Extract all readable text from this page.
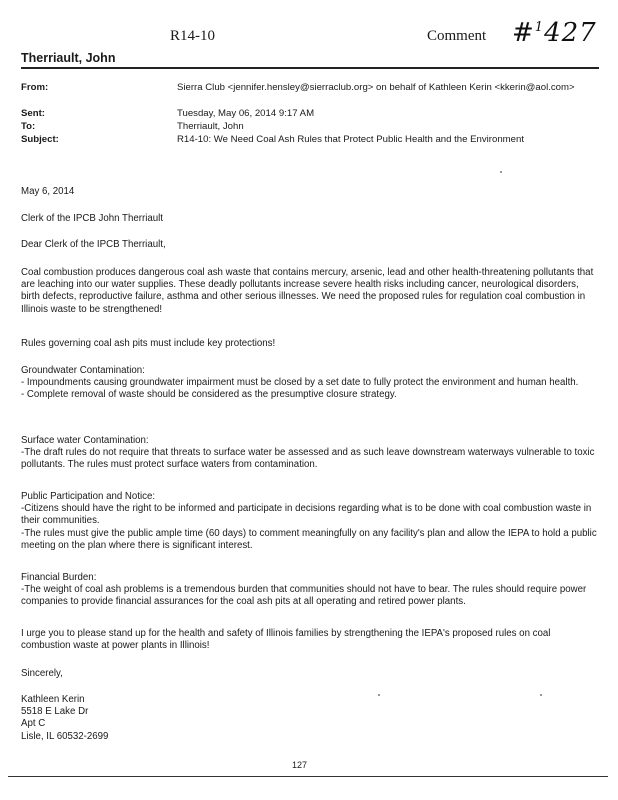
R14-10	Comment #$^1$427
Therriault, John
From:	Sierra Club <jennifer.hensley@sierraclub.org> on behalf of Kathleen Kerin <kkerin@aol.com>
Sent:	Tuesday, May 06, 2014 9:17 AM
To:	Therriault, John
Subject:	R14-10: We Need Coal Ash Rules that Protect Public Health and the Environment
May 6, 2014
Clerk of the IPCB John Therriault
Dear Clerk of the IPCB Therriault,
Coal combustion produces dangerous coal ash waste that contains mercury, arsenic, lead and other health-threatening pollutants that are leaching into our water supplies. These deadly pollutants increase severe health risks including cancer, neurological disorders, birth defects, reproductive failure, asthma and other serious illnesses. We need the proposed rules for regulation coal combustion in Illinois waste to be strengthened!
Rules governing coal ash pits must include key protections!
Groundwater Contamination:
- Impoundments causing groundwater impairment must be closed by a set date to fully protect the environment and human health.
- Complete removal of waste should be considered as the presumptive closure strategy.
Surface water Contamination:
-The draft rules do not require that threats to surface water be assessed and as such leave downstream waterways vulnerable to toxic pollutants. The rules must protect surface waters from contamination.
Public Participation and Notice:
-Citizens should have the right to be informed and participate in decisions regarding what is to be done with coal combustion waste in their communities.
-The rules must give the public ample time (60 days) to comment meaningfully on any facility's plan and allow the IEPA to hold a public meeting on the plan where there is significant interest.
Financial Burden:
-The weight of coal ash problems is a tremendous burden that communities should not have to bear. The rules should require power companies to provide financial assurances for the coal ash pits at all operating and retired power plants.
I urge you to please stand up for the health and safety of Illinois families by strengthening the IEPA's proposed rules on coal combustion waste at power plants in Illinois!
Sincerely,
Kathleen Kerin
5518 E Lake Dr
Apt C
Lisle, IL 60532-2699
127
